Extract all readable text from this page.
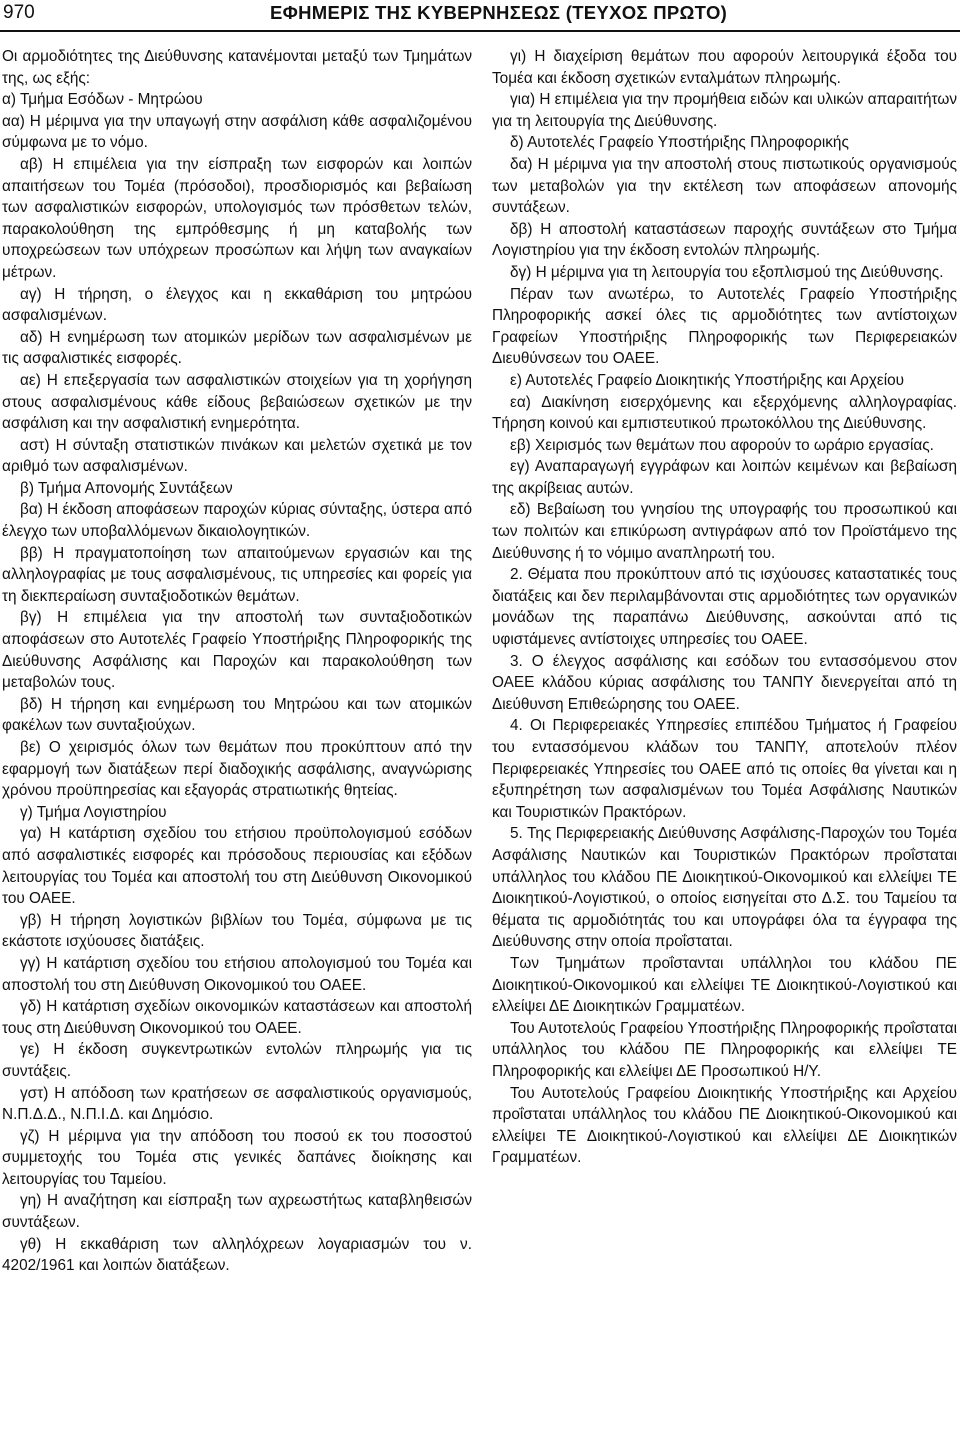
970	ΕΦΗΜΕΡΙΣ ΤΗΣ ΚΥΒΕΡΝΗΣΕΩΣ (ΤΕΥΧΟΣ ΠΡΩΤΟ)

Οι αρμοδιότητες της Διεύθυνσης κατανέμονται μεταξύ των Τμημάτων της, ως εξής:

α) Τμήμα Εσόδων - Μητρώου

αα) Η μέριμνα για την υπαγωγή στην ασφάλιση κάθε ασφαλιζομένου σύμφωνα με το νόμο.

αβ) Η επιμέλεια για την είσπραξη των εισφορών και λοιπών απαιτήσεων του Τομέα (πρόσοδοι), προσδιορισμός και βεβαίωση των ασφαλιστικών εισφορών, υπολογισμός των πρόσθετων τελών, παρακολούθηση της εμπρόθεσμης ή μη καταβολής των υποχρεώσεων των υπόχρεων προσώπων και λήψη των αναγκαίων μέτρων.

αγ) Η τήρηση, ο έλεγχος και η εκκαθάριση του μητρώου ασφαλισμένων.

αδ) Η ενημέρωση των ατομικών μερίδων των ασφαλισμένων με τις ασφαλιστικές εισφορές.

αε) Η επεξεργασία των ασφαλιστικών στοιχείων για τη χορήγηση στους ασφαλισμένους κάθε είδους βεβαιώσεων σχετικών με την ασφάλιση και την ασφαλιστική ενημερότητα.

αστ) Η σύνταξη στατιστικών πινάκων και μελετών σχετικά με τον αριθμό των ασφαλισμένων.

β) Τμήμα Απονομής Συντάξεων

βα) Η έκδοση αποφάσεων παροχών κύριας σύνταξης, ύστερα από έλεγχο των υποβαλλόμενων δικαιολογητικών.

ββ) Η πραγματοποίηση των απαιτούμενων εργασιών και της αλληλογραφίας με τους ασφαλισμένους, τις υπηρεσίες και φορείς για τη διεκπεραίωση συνταξιοδοτικών θεμάτων.

βγ) Η επιμέλεια για την αποστολή των συνταξιοδοτικών αποφάσεων στο Αυτοτελές Γραφείο Υποστήριξης Πληροφορικής της Διεύθυνσης Ασφάλισης και Παροχών και παρακολούθηση των μεταβολών τους.

βδ) Η τήρηση και ενημέρωση του Μητρώου και των ατομικών φακέλων των συνταξιούχων.

βε) Ο χειρισμός όλων των θεμάτων που προκύπτουν από την εφαρμογή των διατάξεων περί διαδοχικής ασφάλισης, αναγνώρισης χρόνου προϋπηρεσίας και εξαγοράς στρατιωτικής θητείας.

γ) Τμήμα Λογιστηρίου

γα) Η κατάρτιση σχεδίου του ετήσιου προϋπολογισμού εσόδων από ασφαλιστικές εισφορές και πρόσοδους περιουσίας και εξόδων λειτουργίας του Τομέα και αποστολή του στη Διεύθυνση Οικονομικού του ΟΑΕΕ.

γβ) Η τήρηση λογιστικών βιβλίων του Τομέα, σύμφωνα με τις εκάστοτε ισχύουσες διατάξεις.

γγ) Η κατάρτιση σχεδίου του ετήσιου απολογισμού του Τομέα και αποστολή του στη Διεύθυνση Οικονομικού του ΟΑΕΕ.

γδ) Η κατάρτιση σχεδίων οικονομικών καταστάσεων και αποστολή τους στη Διεύθυνση Οικονομικού του ΟΑΕΕ.

γε) Η έκδοση συγκεντρωτικών εντολών πληρωμής για τις συντάξεις.

γστ) Η απόδοση των κρατήσεων σε ασφαλιστικούς οργανισμούς, Ν.Π.Δ.Δ., Ν.Π.Ι.Δ. και Δημόσιο.

γζ) Η μέριμνα για την απόδοση του ποσού εκ του ποσοστού συμμετοχής του Τομέα στις γενικές δαπάνες διοίκησης και λειτουργίας του Ταμείου.

γη) Η αναζήτηση και είσπραξη των αχρεωστήτως καταβληθεισών συντάξεων.

γθ) Η εκκαθάριση των αλληλόχρεων λογαριασμών του ν. 4202/1961 και λοιπών διατάξεων.

γι) Η διαχείριση θεμάτων που αφορούν λειτουργικά έξοδα του Τομέα και έκδοση σχετικών ενταλμάτων πληρωμής.

για) Η επιμέλεια για την προμήθεια ειδών και υλικών απαραιτήτων για τη λειτουργία της Διεύθυνσης.

δ) Αυτοτελές Γραφείο Υποστήριξης Πληροφορικής

δα) Η μέριμνα για την αποστολή στους πιστωτικούς οργανισμούς των μεταβολών για την εκτέλεση των αποφάσεων απονομής συντάξεων.

δβ) Η αποστολή καταστάσεων παροχής συντάξεων στο Τμήμα Λογιστηρίου για την έκδοση εντολών πληρωμής.

δγ) Η μέριμνα για τη λειτουργία του εξοπλισμού της Διεύθυνσης.

Πέραν των ανωτέρω, το Αυτοτελές Γραφείο Υποστήριξης Πληροφορικής ασκεί όλες τις αρμοδιότητες των αντίστοιχων Γραφείων Υποστήριξης Πληροφορικής των Περιφερειακών Διευθύνσεων του ΟΑΕΕ.

ε) Αυτοτελές Γραφείο Διοικητικής Υποστήριξης και Αρχείου

εα) Διακίνηση εισερχόμενης και εξερχόμενης αλληλογραφίας. Τήρηση κοινού και εμπιστευτικού πρωτοκόλλου της Διεύθυνσης.

εβ) Χειρισμός των θεμάτων που αφορούν το ωράριο εργασίας.

εγ) Αναπαραγωγή εγγράφων και λοιπών κειμένων και βεβαίωση της ακρίβειας αυτών.

εδ) Βεβαίωση του γνησίου της υπογραφής του προσωπικού και των πολιτών και επικύρωση αντιγράφων από τον Προϊστάμενο της Διεύθυνσης ή το νόμιμο αναπληρωτή του.

2. Θέματα που προκύπτουν από τις ισχύουσες καταστατικές τους διατάξεις και δεν περιλαμβάνονται στις αρμοδιότητες των οργανικών μονάδων της παραπάνω Διεύθυνσης, ασκούνται από τις υφιστάμενες αντίστοιχες υπηρεσίες του ΟΑΕΕ.

3. Ο έλεγχος ασφάλισης και εσόδων του εντασσόμενου στον ΟΑΕΕ κλάδου κύριας ασφάλισης του ΤΑΝΠΥ διενεργείται από τη Διεύθυνση Επιθεώρησης του ΟΑΕΕ.

4. Οι Περιφερειακές Υπηρεσίες επιπέδου Τμήματος ή Γραφείου του εντασσόμενου κλάδων του ΤΑΝΠΥ, αποτελούν πλέον Περιφερειακές Υπηρεσίες του ΟΑΕΕ από τις οποίες θα γίνεται και η εξυπηρέτηση των ασφαλισμένων του Τομέα Ασφάλισης Ναυτικών και Τουριστικών Πρακτόρων.

5. Της Περιφερειακής Διεύθυνσης Ασφάλισης-Παροχών του Τομέα Ασφάλισης Ναυτικών και Τουριστικών Πρακτόρων προΐσταται υπάλληλος του κλάδου ΠΕ Διοικητικού-Οικονομικού και ελλείψει ΤΕ Διοικητικού-Λογιστικού, ο οποίος εισηγείται στο Δ.Σ. του Ταμείου τα θέματα τις αρμοδιότητάς του και υπογράφει όλα τα έγγραφα της Διεύθυνσης στην οποία προΐσταται.

Των Τμημάτων προΐστανται υπάλληλοι του κλάδου ΠΕ Διοικητικού-Οικονομικού και ελλείψει ΤΕ Διοικητικού-Λογιστικού και ελλείψει ΔΕ Διοικητικών Γραμματέων.

Του Αυτοτελούς Γραφείου Υποστήριξης Πληροφορικής προΐσταται υπάλληλος του κλάδου ΠΕ Πληροφορικής και ελλείψει ΤΕ Πληροφορικής και ελλείψει ΔΕ Προσωπικού Η/Υ.

Του Αυτοτελούς Γραφείου Διοικητικής Υποστήριξης και Αρχείου προΐσταται υπάλληλος του κλάδου ΠΕ Διοικητικού-Οικονομικού και ελλείψει ΤΕ Διοικητικού-Λογιστικού και ελλείψει ΔΕ Διοικητικών Γραμματέων.
